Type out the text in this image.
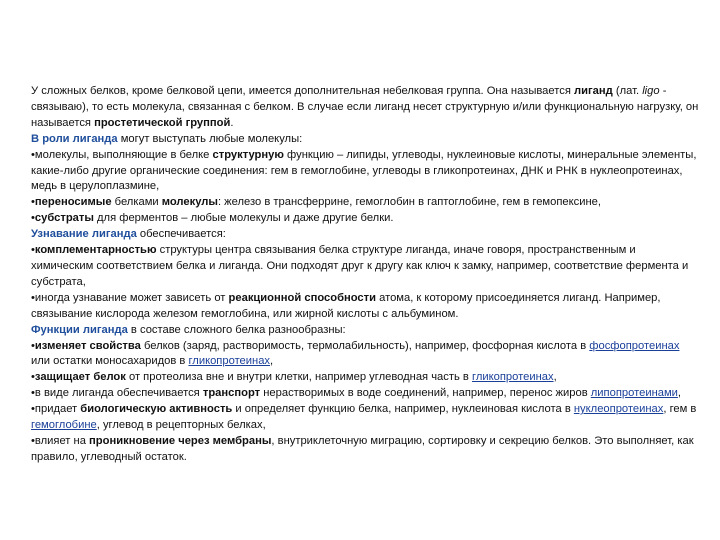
У сложных белков, кроме белковой цепи, имеется дополнительная небелковая группа. Она называется лиганд (лат. ligo - связываю), то есть молекула, связанная с белком. В случае если лиганд несет структурную и/или функциональную нагрузку, он называется простетической группой.

В роли лиганда могут выступать любые молекулы:

•молекулы, выполняющие в белке структурную функцию – липиды, углеводы, нуклеиновые кислоты, минеральные элементы, какие-либо другие органические соединения: гем в гемоглобине, углеводы в гликопротеинах, ДНК и РНК в нуклеопротеинах, медь в церулоплазмине,

•переносимые белками молекулы: железо в трансферрине, гемоглобин в гаптоглобине, гем в гемопексине,

•субстраты для ферментов – любые молекулы и даже другие белки.

Узнавание лиганда обеспечивается:

•комплементарностью структуры центра связывания белка структуре лиганда, иначе говоря, пространственным и химическим соответствием белка и лиганда. Они подходят друг к другу как ключ к замку, например, соответствие фермента и субстрата,

•иногда узнавание может зависеть от реакционной способности атома, к которому присоединяется лиганд. Например, связывание кислорода железом гемоглобина, или жирной кислоты с альбумином.

Функции лиганда в составе сложного белка разнообразны:

•изменяет свойства белков (заряд, растворимость, термолабильность), например, фосфорная кислота в фосфопротеинах или остатки моносахаридов в гликопротеинах,

•защищает белок от протеолиза вне и внутри клетки, например углеводная часть в гликопротеинах,

•в виде лиганда обеспечивается транспорт нерастворимых в воде соединений, например, перенос жиров липопротеинами,

•придает биологическую активность и определяет функцию белка, например, нуклеиновая кислота в нуклеопротеинах, гем в гемоглобине, углевод в рецепторных белках,

•влияет на проникновение через мембраны, внутриклеточную миграцию, сортировку и секрецию белков. Это выполняет, как правило, углеводный остаток.
